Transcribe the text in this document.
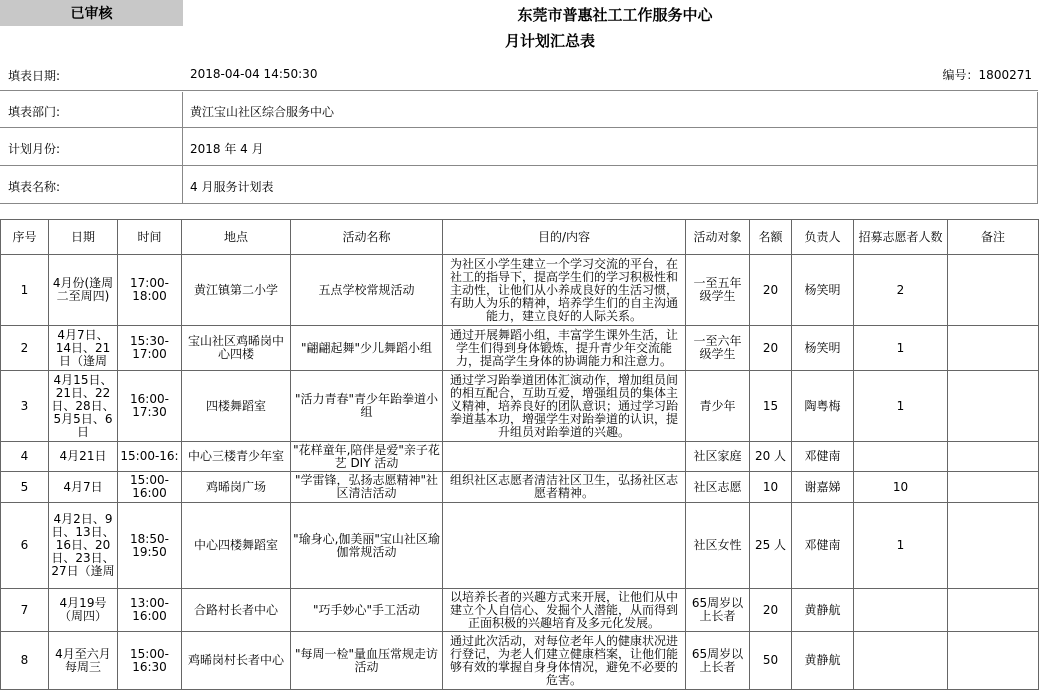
已审核	东莞市普惠社工工作服务中心
月计划汇总表
填表日期:	2018-04-04 14:50:30	编号：1800271
填表部门:	黄江宝山社区综合服务中心
计划月份:	2018 年 4 月
填表名称:	4 月服务计划表
序号	日期	时间	地点	活动名称	目的/内容	活动对象	名额	负责人	招募志愿者人数	备注
1	4月份(逢周二至周四)	17:00-18:00	黄江镇第二小学	五点学校常规活动	为社区小学生建立一个学习交流的平台，在社工的指导下，提高学生们的学习积极性和主动性，让他们从小养成良好的生活习惯，有助人为乐的精神，培养学生们的自主沟通能力，建立良好的人际关系。	一至五年级学生	20	杨笑明	2	
2	4月7日、14日、21日（逢周	15:30-17:00	宝山社区鸡晞岗中心四楼	"翩翩起舞"少儿舞蹈小组	通过开展舞蹈小组，丰富学生课外生活，让学生们得到身体锻炼，提升青少年交流能力，提高学生身体的协调能力和注意力。	一至六年级学生	20	杨笑明	1	
3	4月15日、21日、22日、28日、5月5日、6日	16:00-17:30	四楼舞蹈室	"活力青春"青少年跆拳道小组	通过学习跆拳道团体汇演动作，增加组员间的相互配合，互助互爱，增强组员的集体主义精神，培养良好的团队意识；通过学习跆拳道基本功，增强学生对跆拳道的认识，提升组员对跆拳道的兴趣。	青少年	15	陶粤梅	1	
4	4月21日	15:00-16:	中心三楼青少年室	"花样童年,陪伴是爱"亲子花艺 DIY 活动		社区家庭	20 人	邓健南		
5	4月7日	15:00-16:00	鸡晞岗广场	"学雷锋，弘扬志愿精神"社区清洁活动	组织社区志愿者清洁社区卫生，弘扬社区志愿者精神。	社区志愿	10	谢嘉娣	10	
6	4月2日、9日、13日、16日、20日、23日、27日（逢周	18:50-19:50	中心四楼舞蹈室	"瑜身心,伽美丽"宝山社区瑜伽常规活动		社区女性	25 人	邓健南	1	
7	4月19号（周四）	13:00-16:00	合路村长者中心	"巧手妙心"手工活动	以培养长者的兴趣方式来开展，让他们从中建立个人自信心、发掘个人潜能，从而得到正面积极的兴趣培育及多元化发展。	65周岁以上长者	20	黄静航		
8	4月至六月每周三	15:00-16:30	鸡晞岗村长者中心	"每周一检"量血压常规走访活动	通过此次活动，对每位老年人的健康状况进行登记，为老人们建立健康档案，让他们能够有效的掌握自身身体情况，避免不必要的危害。	65周岁以上长者	50	黄静航		
